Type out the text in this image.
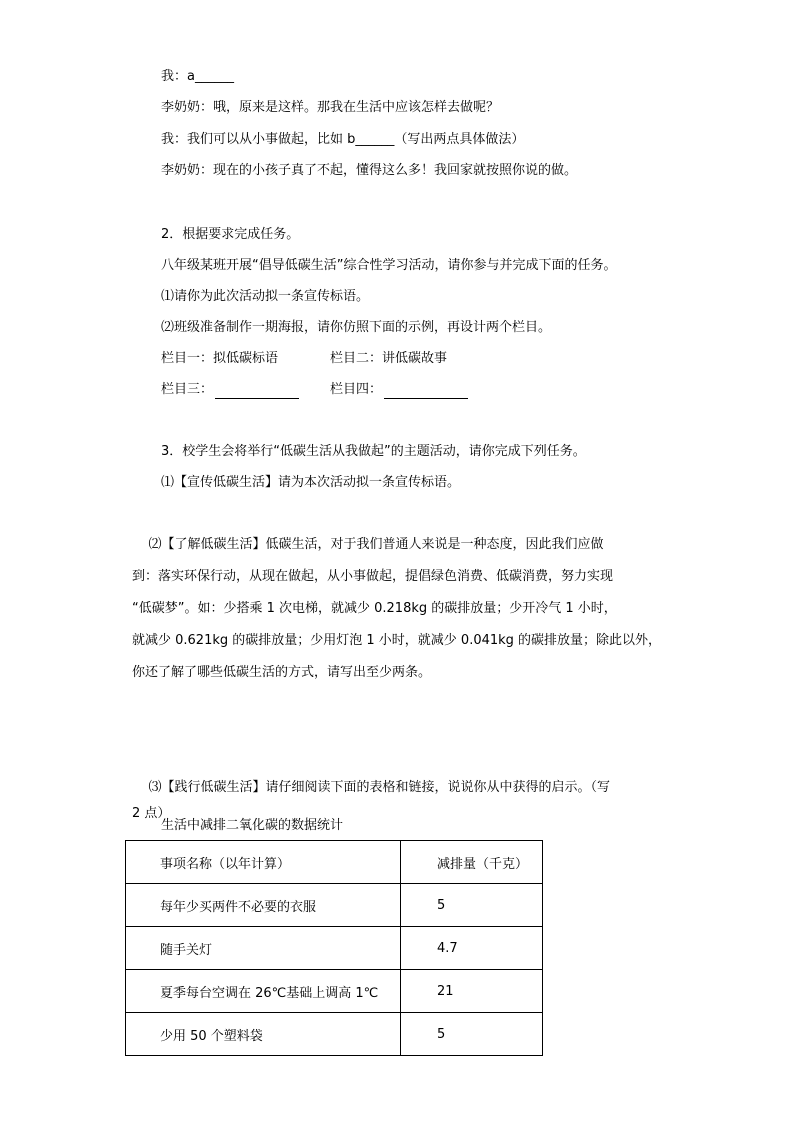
我：a______
李奶奶：哦，原来是这样。那我在生活中应该怎样去做呢？
我：我们可以从小事做起，比如 b______（写出两点具体做法）
李奶奶：现在的小孩子真了不起，懂得这么多！我回家就按照你说的做。
2．根据要求完成任务。
八年级某班开展“倡导低碳生活”综合性学习活动，请你参与并完成下面的任务。
⑴请你为此次活动拟一条宣传标语。
⑵班级准备制作一期海报，请你仿照下面的示例，再设计两个栏目。
栏目一：拟低碳标语	栏目二：讲低碳故事
栏目三：	栏目四：
3．校学生会将举行“低碳生活从我做起”的主题活动，请你完成下列任务。
⑴【宣传低碳生活】请为本次活动拟一条宣传标语。

⑵【了解低碳生活】低碳生活，对于我们普通人来说是一种态度，因此我们应做

到：落实环保行动，从现在做起，从小事做起，提倡绿色消费、低碳消费，努力实现

“低碳梦”。如：少搭乘 1 次电梯，就减少 0.218kg 的碳排放量；少开冷气 1 小时，

就减少 0.621kg 的碳排放量；少用灯泡 1 小时，就减少 0.041kg 的碳排放量；除此以外，

你还了解了哪些低碳生活的方式，请写出至少两条。

⑶【践行低碳生活】请仔细阅读下面的表格和链接，说说你从中获得的启示。（写

2 点）

生活中减排二氧化碳的数据统计
事项名称（以年计算）	减排量（千克）
每年少买两件不必要的衣服	5
随手关灯	4.7
夏季每台空调在 26℃基础上调高 1℃	21
少用 50 个塑料袋	5
